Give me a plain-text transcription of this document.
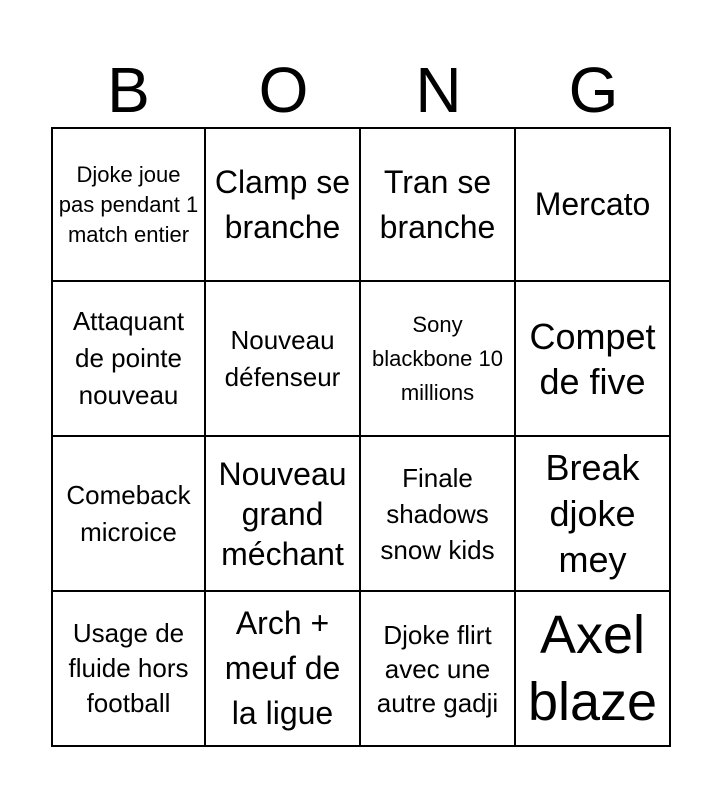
B	O	N	G
Djoke joue pas pendant 1 match entier
Clamp se branche
Tran se branche
Mercato
Attaquant de pointe nouveau
Nouveau défenseur
Sony blackbone 10 millions
Compet de five
Comeback microice
Nouveau grand méchant
Finale shadows snow kids
Break djoke mey
Usage de fluide hors football
Arch + meuf de la ligue
Djoke flirt avec une autre gadji
Axel blaze
